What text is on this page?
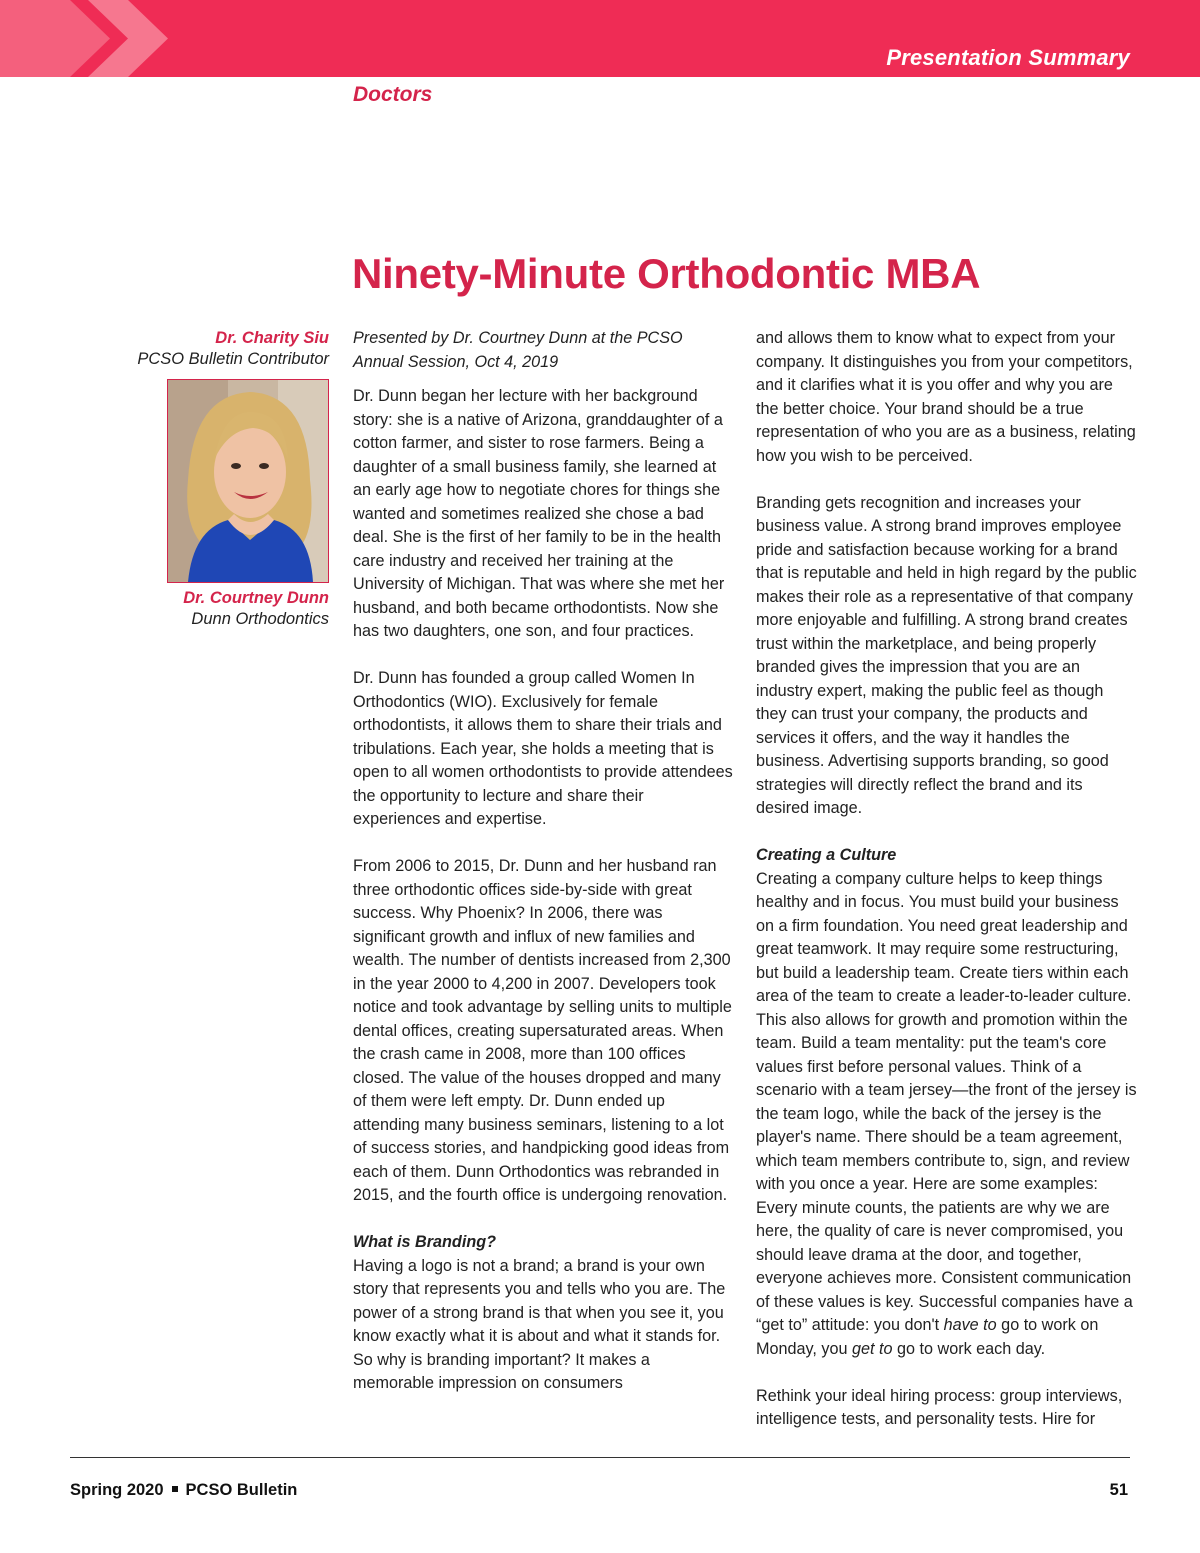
Presentation Summary
Doctors
Ninety-Minute Orthodontic MBA
Dr. Charity Siu
PCSO Bulletin Contributor
Dr. Courtney Dunn
Dunn Orthodontics

Presented by Dr. Courtney Dunn at the PCSO Annual Session, Oct 4, 2019

Dr. Dunn began her lecture with her background story: she is a native of Arizona, granddaughter of a cotton farmer, and sister to rose farmers. Being a daughter of a small business family, she learned at an early age how to negotiate chores for things she wanted and sometimes realized she chose a bad deal. She is the first of her family to be in the health care industry and received her training at the University of Michigan. That was where she met her husband, and both became orthodontists. Now she has two daughters, one son, and four practices.

Dr. Dunn has founded a group called Women In Orthodontics (WIO). Exclusively for female orthodontists, it allows them to share their trials and tribulations. Each year, she holds a meeting that is open to all women orthodontists to provide attendees the opportunity to lecture and share their experiences and expertise.

From 2006 to 2015, Dr. Dunn and her husband ran three orthodontic offices side-by-side with great success. Why Phoenix? In 2006, there was significant growth and influx of new families and wealth. The number of dentists increased from 2,300 in the year 2000 to 4,200 in 2007. Developers took notice and took advantage by selling units to multiple dental offices, creating supersaturated areas. When the crash came in 2008, more than 100 offices closed. The value of the houses dropped and many of them were left empty. Dr. Dunn ended up attending many business seminars, listening to a lot of success stories, and handpicking good ideas from each of them. Dunn Orthodontics was rebranded in 2015, and the fourth office is undergoing renovation.

What is Branding?

Having a logo is not a brand; a brand is your own story that represents you and tells who you are. The power of a strong brand is that when you see it, you know exactly what it is about and what it stands for. So why is branding important? It makes a memorable impression on consumers

and allows them to know what to expect from your company. It distinguishes you from your competitors, and it clarifies what it is you offer and why you are the better choice. Your brand should be a true representation of who you are as a business, relating how you wish to be perceived.

Branding gets recognition and increases your business value. A strong brand improves employee pride and satisfaction because working for a brand that is reputable and held in high regard by the public makes their role as a representative of that company more enjoyable and fulfilling. A strong brand creates trust within the marketplace, and being properly branded gives the impression that you are an industry expert, making the public feel as though they can trust your company, the products and services it offers, and the way it handles the business. Advertising supports branding, so good strategies will directly reflect the brand and its desired image.

Creating a Culture

Creating a company culture helps to keep things healthy and in focus. You must build your business on a firm foundation. You need great leadership and great teamwork. It may require some restructuring, but build a leadership team. Create tiers within each area of the team to create a leader-to-leader culture. This also allows for growth and promotion within the team. Build a team mentality: put the team's core values first before personal values. Think of a scenario with a team jersey—the front of the jersey is the team logo, while the back of the jersey is the player's name. There should be a team agreement, which team members contribute to, sign, and review with you once a year. Here are some examples: Every minute counts, the patients are why we are here, the quality of care is never compromised, you should leave drama at the door, and together, everyone achieves more. Consistent communication of these values is key. Successful companies have a “get to” attitude: you don't have to go to work on Monday, you get to go to work each day.

Rethink your ideal hiring process: group interviews, intelligence tests, and personality tests. Hire for

Spring 2020 PCSO Bulletin	51
